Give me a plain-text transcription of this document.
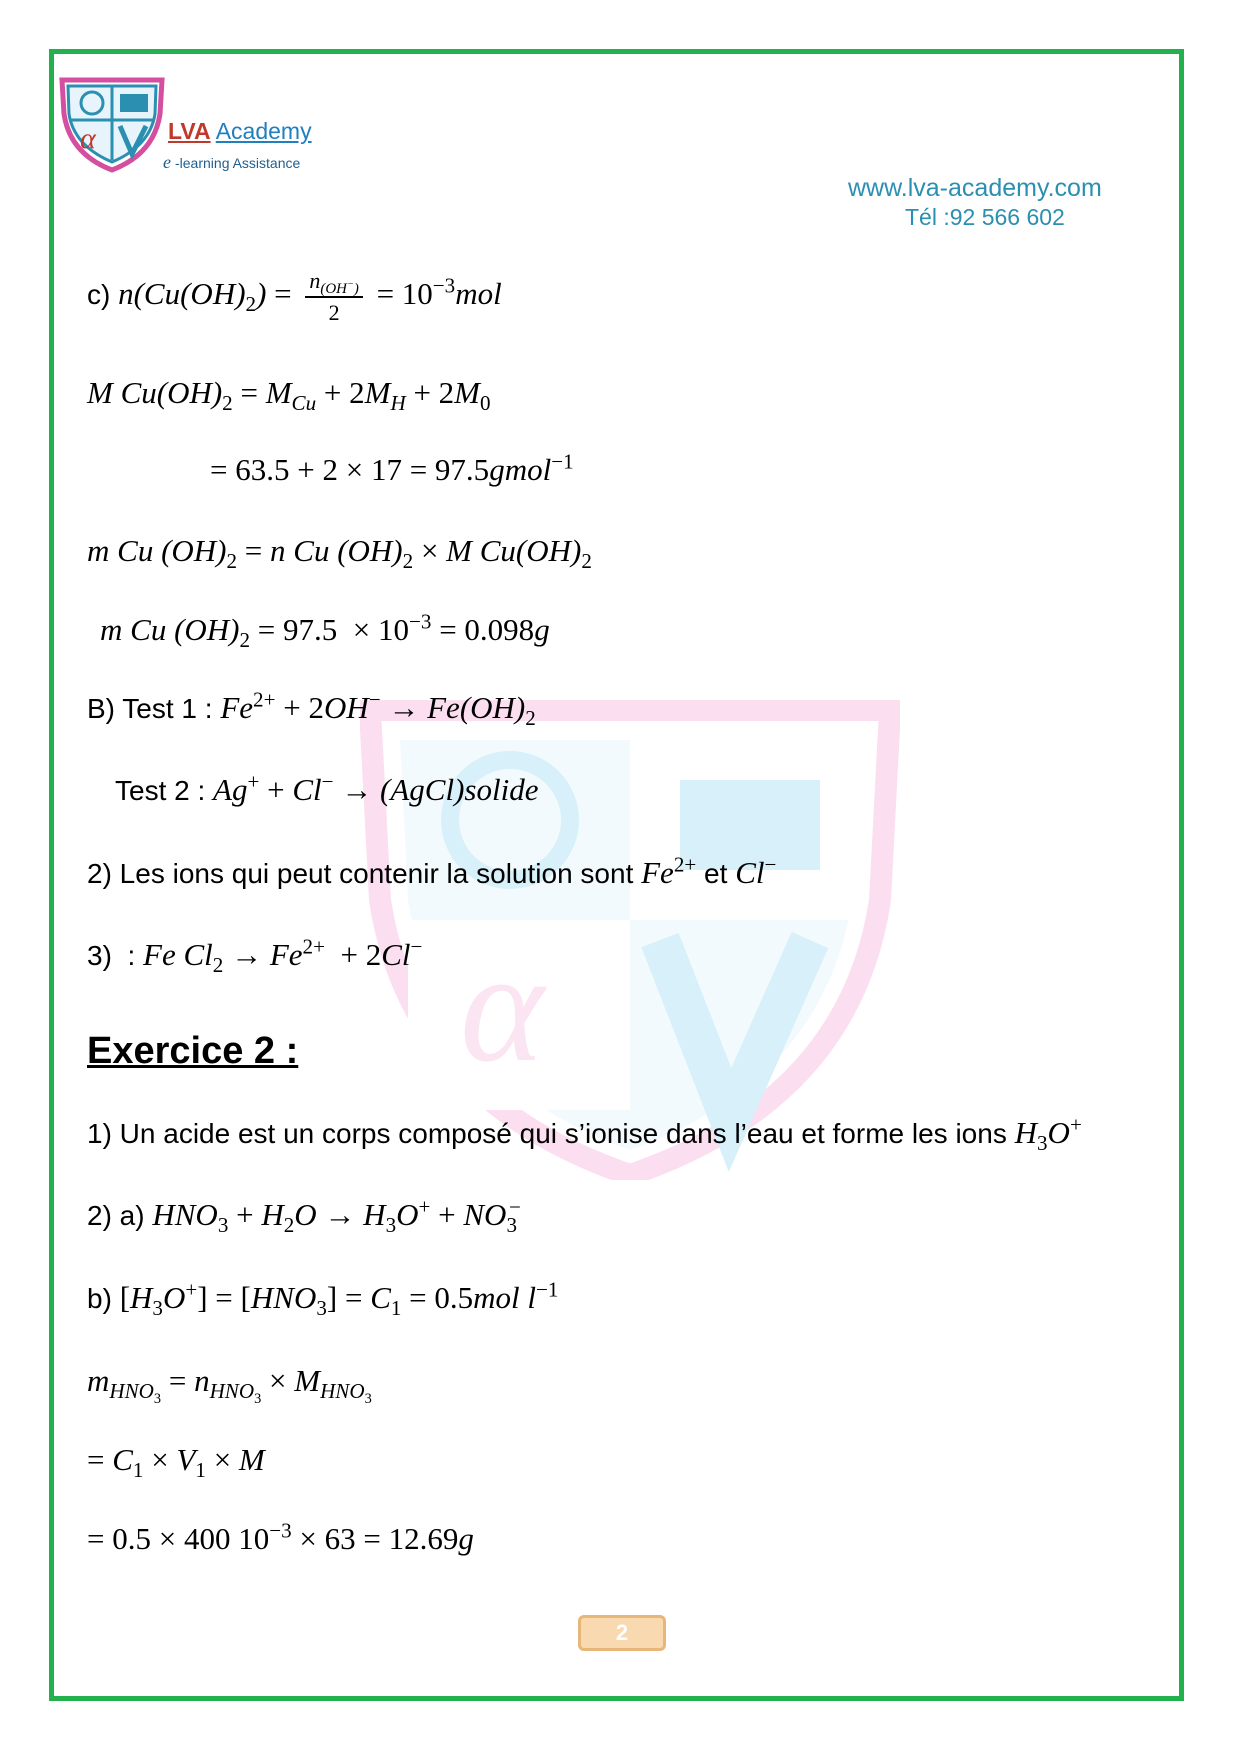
α	LVA Academy
e -learning Assistance
www.lva-academy.com
Tél :92 566 602
α
c) $n(Cu(OH)_2) = \frac{n_{(OH^-)}}{2} = 10^{-3}mol$
M $Cu(OH)_2 = M_{Cu} + 2M_H + 2M_0$
= 63.5 + 2 × 17 = 97.5gmol$^{-1}$
m Cu $(OH)_2 = n$ Cu $(OH)_2 \times M$ $Cu(OH)_2$
m Cu $(OH)_2 = 97.5 \times 10^{-3} = 0.098g$
B) Test 1 : $Fe^{2+} + 2OH^- \to Fe(OH)_2$
Test 2 : Ag+ + Cl− → (AgCl)solide
2) Les ions qui peut contenir la solution sont $Fe^{2+}$ et Cl−
3) : Fe $Cl_2 \to Fe^{2+} + 2Cl^-$
Exercice 2 :
1) Un acide est un corps composé qui s’ionise dans l’eau et forme les ions $H_3O^+$
2) a) $HNO_3 + H_2O \to H_3O^+ + NO_3^-$
b) $[H_3O^+] = [HNO_3] = C_1 = 0.5mol$ $l^{-1}$
$m_{HNO_3} = n_{HNO_3} \times M_{HNO_3}$
= $C_1 \times V_1 \times M$
= 0.5 × 400 $10^{-3} \times 63 = 12.69g$
2
